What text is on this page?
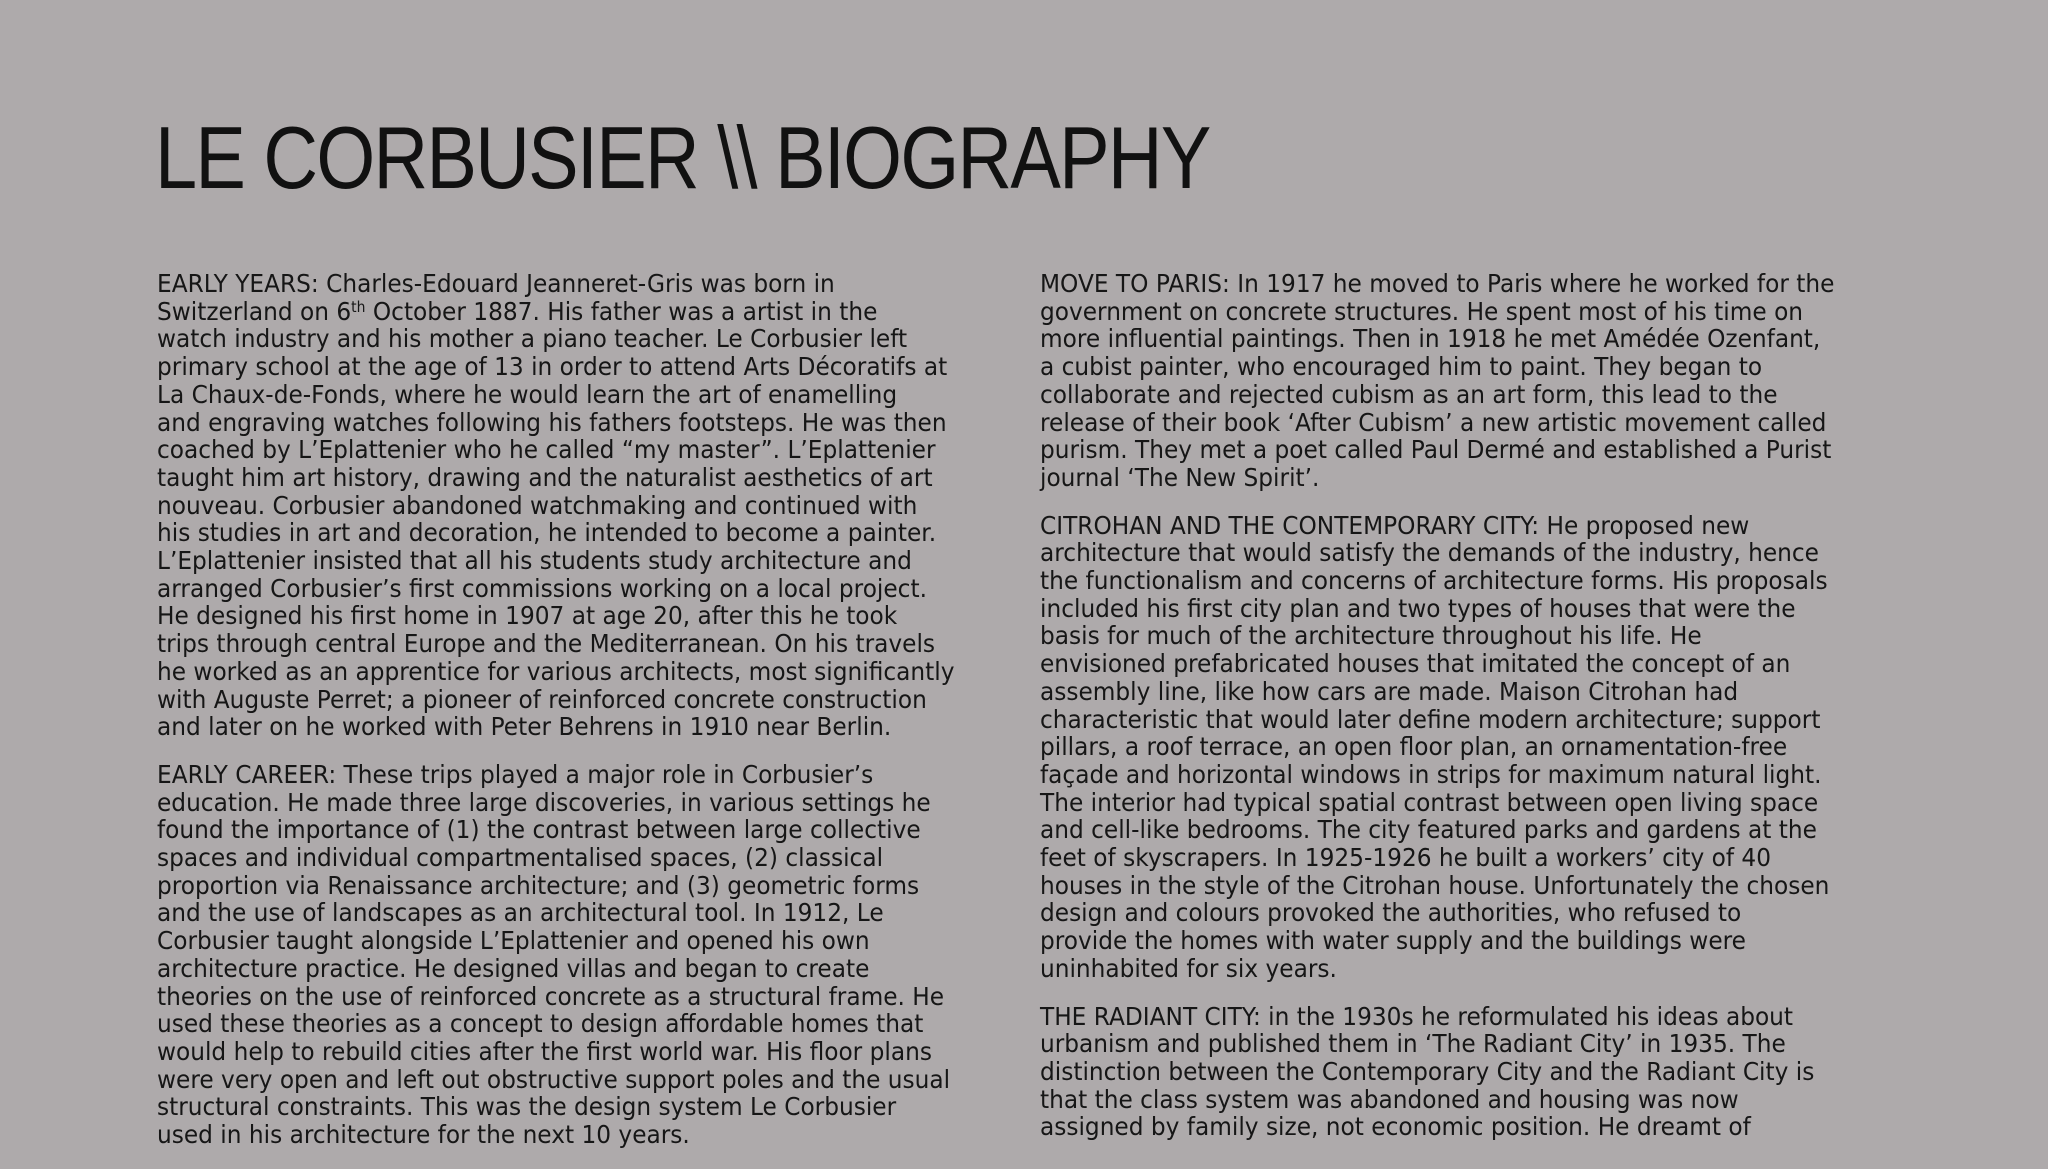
LE CORBUSIER \\ BIOGRAPHY
EARLY YEARS: Charles-Edouard Jeanneret-Gris was born in
Switzerland on 6th October 1887. His father was a artist in the
watch industry and his mother a piano teacher. Le Corbusier left
primary school at the age of 13 in order to attend Arts Décoratifs at
La Chaux-de-Fonds, where he would learn the art of enamelling
and engraving watches following his fathers footsteps. He was then
coached by L’Eplattenier who he called “my master”. L’Eplattenier
taught him art history, drawing and the naturalist aesthetics of art
nouveau. Corbusier abandoned watchmaking and continued with
his studies in art and decoration, he intended to become a painter.
L’Eplattenier insisted that all his students study architecture and
arranged Corbusier’s first commissions working on a local project.
He designed his first home in 1907 at age 20, after this he took
trips through central Europe and the Mediterranean. On his travels
he worked as an apprentice for various architects, most significantly
with Auguste Perret; a pioneer of reinforced concrete construction
and later on he worked with Peter Behrens in 1910 near Berlin.
EARLY CAREER: These trips played a major role in Corbusier’s
education. He made three large discoveries, in various settings he
found the importance of (1) the contrast between large collective
spaces and individual compartmentalised spaces, (2) classical
proportion via Renaissance architecture; and (3) geometric forms
and the use of landscapes as an architectural tool. In 1912, Le
Corbusier taught alongside L’Eplattenier and opened his own
architecture practice. He designed villas and began to create
theories on the use of reinforced concrete as a structural frame. He
used these theories as a concept to design affordable homes that
would help to rebuild cities after the first world war. His floor plans
were very open and left out obstructive support poles and the usual
structural constraints. This was the design system Le Corbusier
used in his architecture for the next 10 years.
MOVE TO PARIS: In 1917 he moved to Paris where he worked for the
government on concrete structures. He spent most of his time on
more influential paintings. Then in 1918 he met Amédée Ozenfant,
a cubist painter, who encouraged him to paint. They began to
collaborate and rejected cubism as an art form, this lead to the
release of their book ‘After Cubism’ a new artistic movement called
purism. They met a poet called Paul Dermé and established a Purist
journal ‘The New Spirit’.
CITROHAN AND THE CONTEMPORARY CITY: He proposed new
architecture that would satisfy the demands of the industry, hence
the functionalism and concerns of architecture forms. His proposals
included his first city plan and two types of houses that were the
basis for much of the architecture throughout his life. He
envisioned prefabricated houses that imitated the concept of an
assembly line, like how cars are made. Maison Citrohan had
characteristic that would later define modern architecture; support
pillars, a roof terrace, an open floor plan, an ornamentation-free
façade and horizontal windows in strips for maximum natural light.
The interior had typical spatial contrast between open living space
and cell-like bedrooms. The city featured parks and gardens at the
feet of skyscrapers. In 1925-1926 he built a workers’ city of 40
houses in the style of the Citrohan house. Unfortunately the chosen
design and colours provoked the authorities, who refused to
provide the homes with water supply and the buildings were
uninhabited for six years.
THE RADIANT CITY: in the 1930s he reformulated his ideas about
urbanism and published them in ‘The Radiant City’ in 1935. The
distinction between the Contemporary City and the Radiant City is
that the class system was abandoned and housing was now
assigned by family size, not economic position. He dreamt of
